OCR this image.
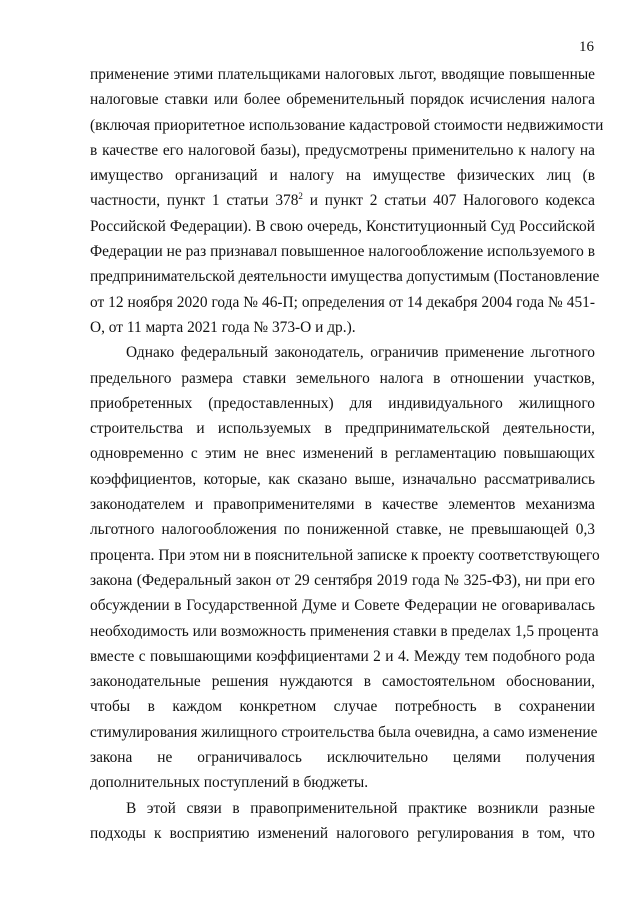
16
применение этими плательщиками налоговых льгот, вводящие повышенные
налоговые ставки или более обременительный порядок исчисления налога
(включая приоритетное использование кадастровой стоимости недвижимости
в качестве его налоговой базы), предусмотрены применительно к налогу на
имущество организаций и налогу на имуществе физических лиц (в
частности, пункт 1 статьи $378^2$ и пункт 2 статьи 407 Налогового кодекса
Российской Федерации). В свою очередь, Конституционный Суд Российской
Федерации не раз признавал повышенное налогообложение используемого в
предпринимательской деятельности имущества допустимым (Постановление
от 12 ноября 2020 года № 46-П; определения от 14 декабря 2004 года № 451-
О, от 11 марта 2021 года № 373-О и др.).
Однако федеральный законодатель, ограничив применение льготного
предельного размера ставки земельного налога в отношении участков,
приобретенных (предоставленных) для индивидуального жилищного
строительства и используемых в предпринимательской деятельности,
одновременно с этим не внес изменений в регламентацию повышающих
коэффициентов, которые, как сказано выше, изначально рассматривались
законодателем и правоприменителями в качестве элементов механизма
льготного налогообложения по пониженной ставке, не превышающей 0,3
процента. При этом ни в пояснительной записке к проекту соответствующего
закона (Федеральный закон от 29 сентября 2019 года № 325-ФЗ), ни при его
обсуждении в Государственной Думе и Совете Федерации не оговаривалась
необходимость или возможность применения ставки в пределах 1,5 процента
вместе с повышающими коэффициентами 2 и 4. Между тем подобного рода
законодательные решения нуждаются в самостоятельном обосновании,
чтобы в каждом конкретном случае потребность в сохранении
стимулирования жилищного строительства была очевидна, а само изменение
закона не ограничивалось исключительно целями получения
дополнительных поступлений в бюджеты.
В этой связи в правоприменительной практике возникли разные
подходы к восприятию изменений налогового регулирования в том, что
